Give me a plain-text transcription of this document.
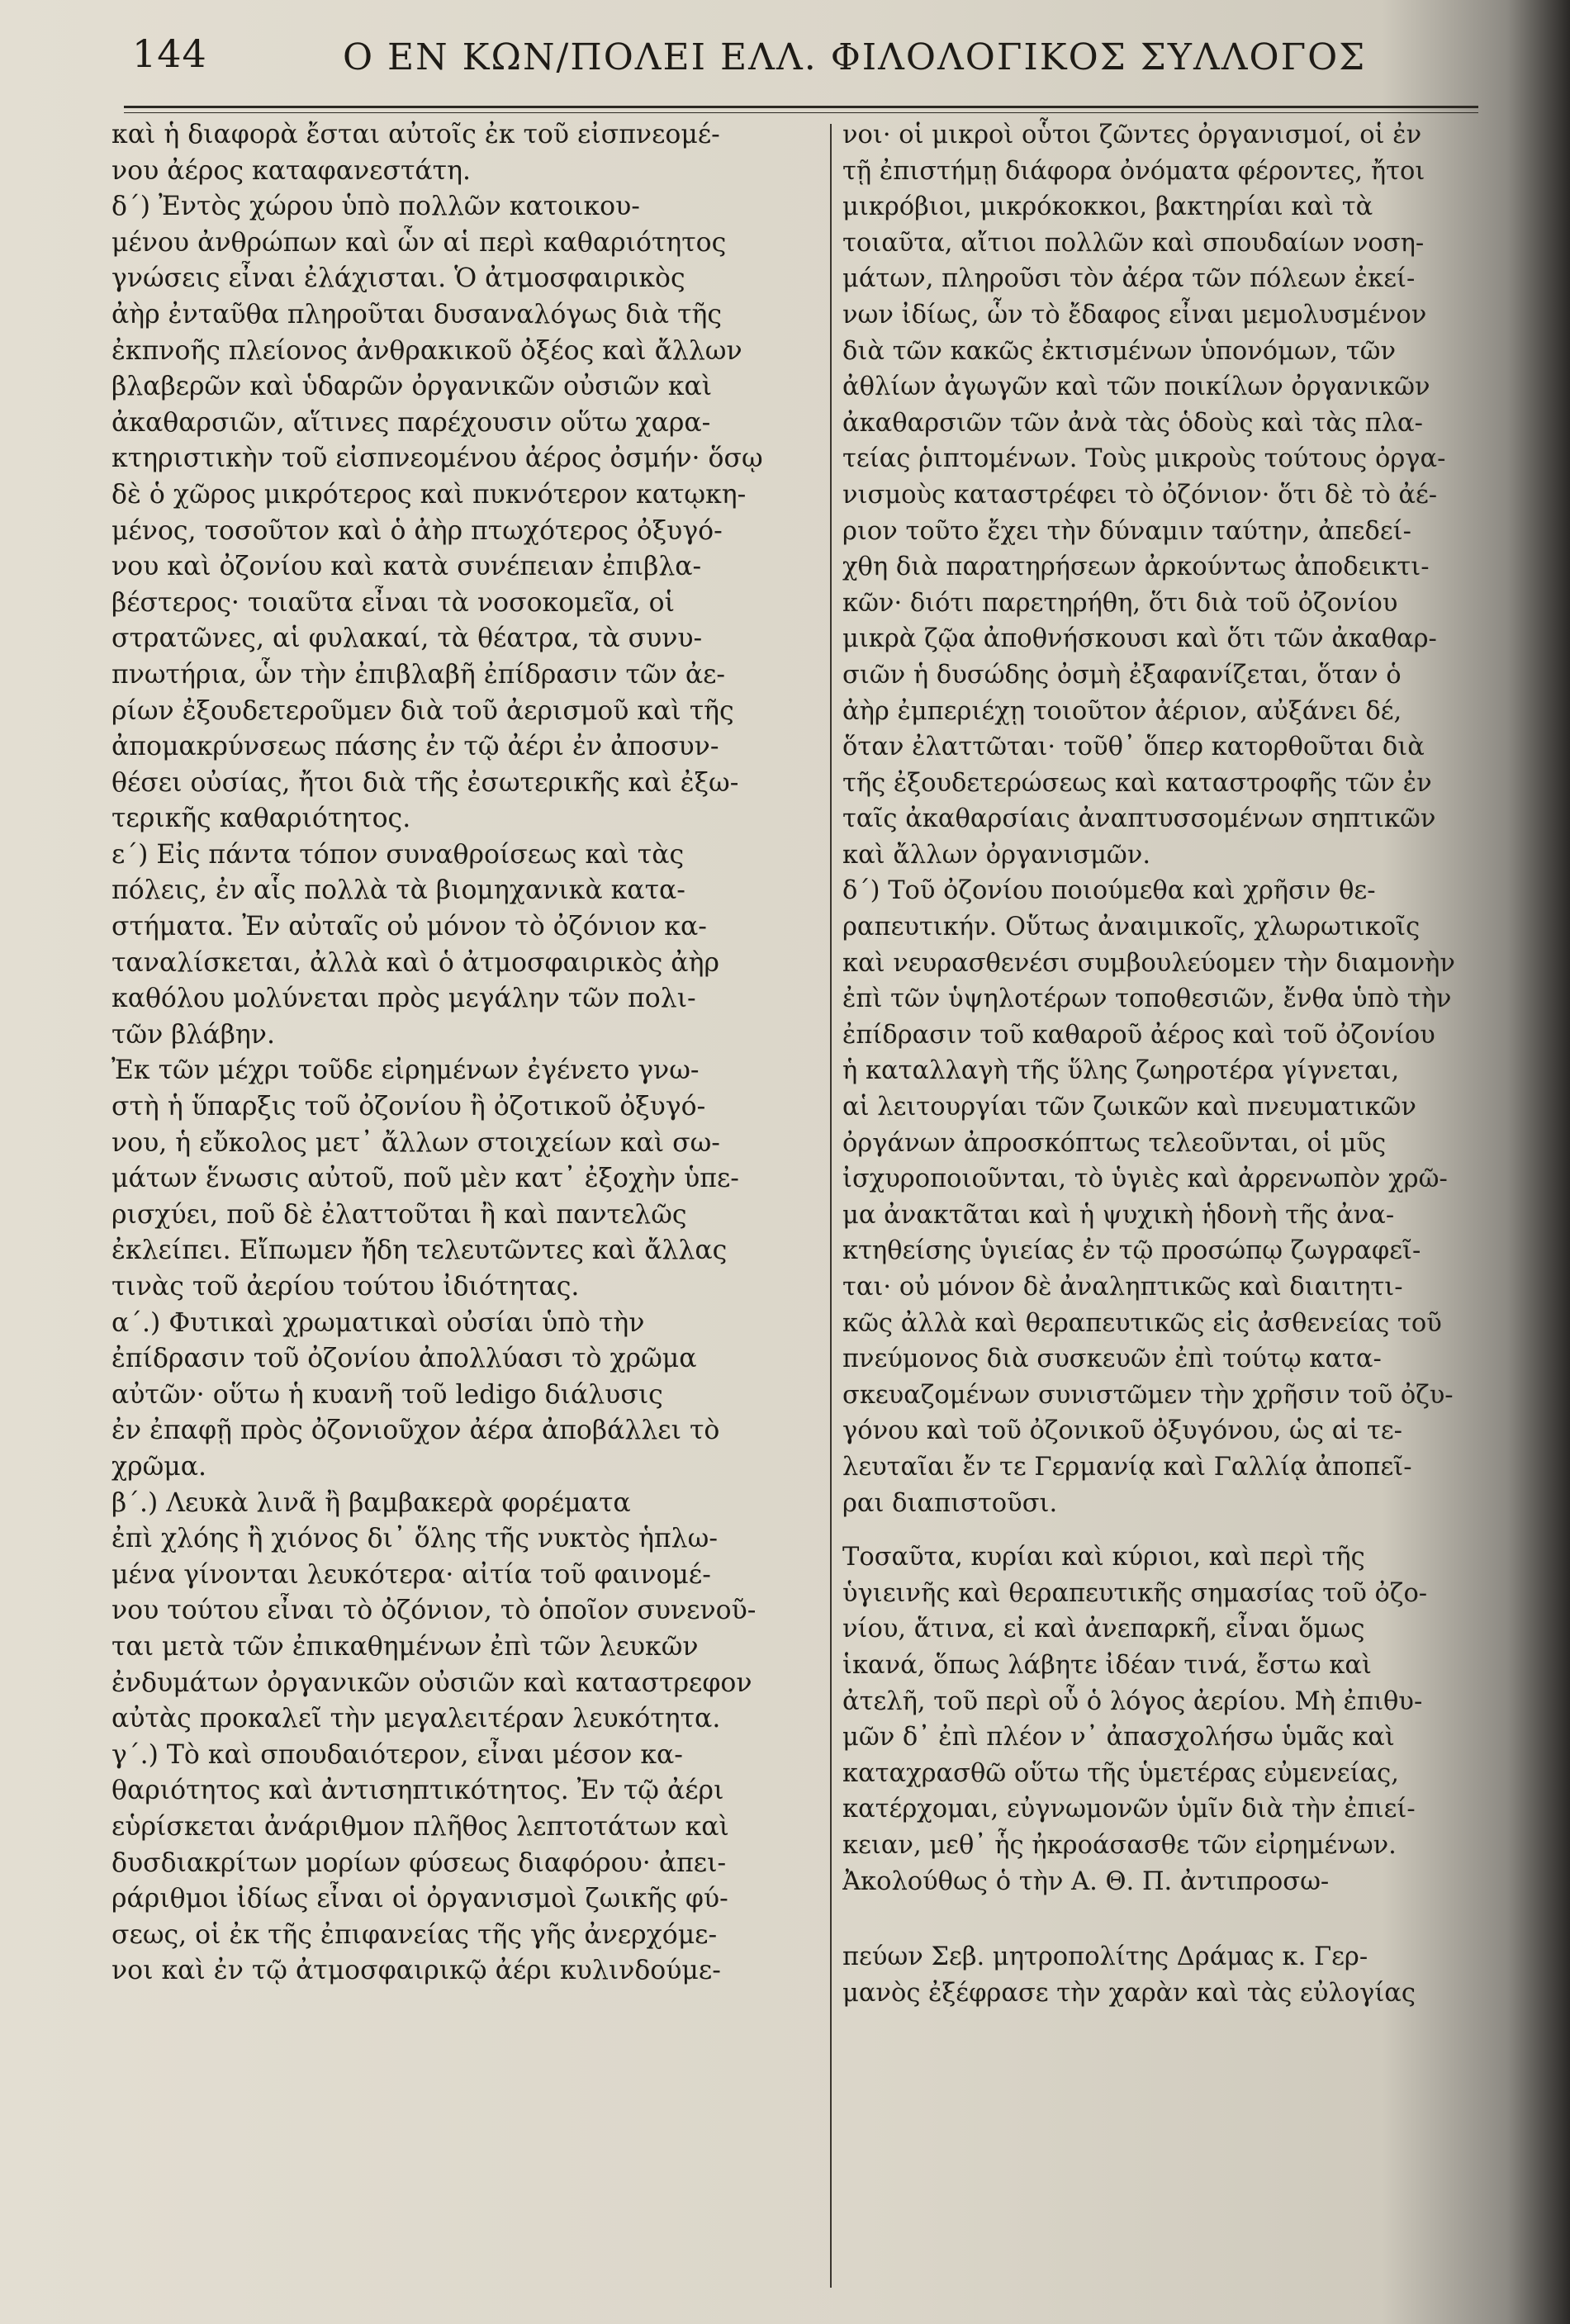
144	Ο ΕΝ ΚΩΝ/ΠΟΛΕΙ ΕΛΛ. ΦΙΛΟΛΟΓΙΚΟΣ ΣΥΛΛΟΓΟΣ
καὶ ἡ διαφορὰ ἔσται αὐτοῖς ἐκ τοῦ εἰσπνεομέ-
νου ἀέρος καταφανεστάτη.
δ΄) Ἐντὸς χώρου ὑπὸ πολλῶν κατοικου-
μένου ἀνθρώπων καὶ ὧν αἱ περὶ καθαριότητος
γνώσεις εἶναι ἐλάχισται. Ὁ ἀτμοσφαιρικὸς
ἀὴρ ἐνταῦθα πληροῦται δυσαναλόγως διὰ τῆς
ἐκπνοῆς πλείονος ἀνθρακικοῦ ὀξέος καὶ ἄλλων
βλαβερῶν καὶ ὑδαρῶν ὀργανικῶν οὐσιῶν καὶ
ἀκαθαρσιῶν, αἵτινες παρέχουσιν οὕτω χαρα-
κτηριστικὴν τοῦ εἰσπνεομένου ἀέρος ὀσμήν· ὅσῳ
δὲ ὁ χῶρος μικρότερος καὶ πυκνότερον κατῳκη-
μένος, τοσοῦτον καὶ ὁ ἀὴρ πτωχότερος ὀξυγό-
νου καὶ ὀζονίου καὶ κατὰ συνέπειαν ἐπιβλα-
βέστερος· τοιαῦτα εἶναι τὰ νοσοκομεῖα, οἱ
στρατῶνες, αἱ φυλακαί, τὰ θέατρα, τὰ συνυ-
πνωτήρια, ὧν τὴν ἐπιβλαβῆ ἐπίδρασιν τῶν ἀε-
ρίων ἐξουδετεροῦμεν διὰ τοῦ ἀερισμοῦ καὶ τῆς
ἀπομακρύνσεως πάσης ἐν τῷ ἀέρι ἐν ἀποσυν-
θέσει οὐσίας, ἤτοι διὰ τῆς ἐσωτερικῆς καὶ ἐξω-
τερικῆς καθαριότητος.
ε΄) Εἰς πάντα τόπον συναθροίσεως καὶ τὰς
πόλεις, ἐν αἷς πολλὰ τὰ βιομηχανικὰ κατα-
στήματα. Ἐν αὐταῖς οὐ μόνον τὸ ὀζόνιον κα-
ταναλίσκεται, ἀλλὰ καὶ ὁ ἀτμοσφαιρικὸς ἀὴρ
καθόλου μολύνεται πρὸς μεγάλην τῶν πολι-
τῶν βλάβην.
Ἐκ τῶν μέχρι τοῦδε εἰρημένων ἐγένετο γνω-
στὴ ἡ ὕπαρξις τοῦ ὀζονίου ἢ ὀζοτικοῦ ὀξυγό-
νου, ἡ εὔκολος μετ᾽ ἄλλων στοιχείων καὶ σω-
μάτων ἕνωσις αὐτοῦ, ποῦ μὲν κατ᾽ ἐξοχὴν ὑπε-
ρισχύει, ποῦ δὲ ἐλαττοῦται ἢ καὶ παντελῶς
ἐκλείπει. Εἴπωμεν ἤδη τελευτῶντες καὶ ἄλλας
τινὰς τοῦ ἀερίου τούτου ἰδιότητας.
α΄.) Φυτικαὶ χρωματικαὶ οὐσίαι ὑπὸ τὴν
ἐπίδρασιν τοῦ ὀζονίου ἀπολλύασι τὸ χρῶμα
αὐτῶν· οὕτω ἡ κυανῆ τοῦ ledigo διάλυσις
ἐν ἐπαφῇ πρὸς ὀζονιοῦχον ἀέρα ἀποβάλλει τὸ
χρῶμα.
β΄.) Λευκὰ λινᾶ ἢ βαμβακερὰ φορέματα
ἐπὶ χλόης ἢ χιόνος δι᾽ ὅλης τῆς νυκτὸς ἡπλω-
μένα γίνονται λευκότερα· αἰτία τοῦ φαινομέ-
νου τούτου εἶναι τὸ ὀζόνιον, τὸ ὁποῖον συνενοῦ-
ται μετὰ τῶν ἐπικαθημένων ἐπὶ τῶν λευκῶν
ἐνδυμάτων ὀργανικῶν οὐσιῶν καὶ καταστρεφον
αὐτὰς προκαλεῖ τὴν μεγαλειτέραν λευκότητα.
γ΄.) Τὸ καὶ σπουδαιότερον, εἶναι μέσον κα-
θαριότητος καὶ ἀντισηπτικότητος. Ἐν τῷ ἀέρι
εὑρίσκεται ἀνάριθμον πλῆθος λεπτοτάτων καὶ
δυσδιακρίτων μορίων φύσεως διαφόρου· ἀπει-
ράριθμοι ἰδίως εἶναι οἱ ὀργανισμοὶ ζωικῆς φύ-
σεως, οἱ ἐκ τῆς ἐπιφανείας τῆς γῆς ἀνερχόμε-
νοι καὶ ἐν τῷ ἀτμοσφαιρικῷ ἀέρι κυλινδούμε-
νοι· οἱ μικροὶ οὗτοι ζῶντες ὀργανισμοί, οἱ ἐν
τῇ ἐπιστήμῃ διάφορα ὀνόματα φέροντες, ἤτοι
μικρόβιοι, μικρόκοκκοι, βακτηρίαι καὶ τὰ
τοιαῦτα, αἴτιοι πολλῶν καὶ σπουδαίων νοση-
μάτων, πληροῦσι τὸν ἀέρα τῶν πόλεων ἐκεί-
νων ἰδίως, ὧν τὸ ἔδαφος εἶναι μεμολυσμένον
διὰ τῶν κακῶς ἐκτισμένων ὑπονόμων, τῶν
ἀθλίων ἀγωγῶν καὶ τῶν ποικίλων ὀργανικῶν
ἀκαθαρσιῶν τῶν ἀνὰ τὰς ὁδοὺς καὶ τὰς πλα-
τείας ῥιπτομένων. Τοὺς μικροὺς τούτους ὀργα-
νισμοὺς καταστρέφει τὸ ὀζόνιον· ὅτι δὲ τὸ ἀέ-
ριον τοῦτο ἔχει τὴν δύναμιν ταύτην, ἀπεδεί-
χθη διὰ παρατηρήσεων ἀρκούντως ἀποδεικτι-
κῶν· διότι παρετηρήθη, ὅτι διὰ τοῦ ὀζονίου
μικρὰ ζῷα ἀποθνήσκουσι καὶ ὅτι τῶν ἀκαθαρ-
σιῶν ἡ δυσώδης ὀσμὴ ἐξαφανίζεται, ὅταν ὁ
ἀὴρ ἐμπεριέχῃ τοιοῦτον ἀέριον, αὐξάνει δέ,
ὅταν ἐλαττῶται· τοῦθ᾽ ὅπερ κατορθοῦται διὰ
τῆς ἐξουδετερώσεως καὶ καταστροφῆς τῶν ἐν
ταῖς ἀκαθαρσίαις ἀναπτυσσομένων σηπτικῶν
καὶ ἄλλων ὀργανισμῶν.
δ΄) Τοῦ ὀζονίου ποιούμεθα καὶ χρῆσιν θε-
ραπευτικήν. Οὕτως ἀναιμικοῖς, χλωρωτικοῖς
καὶ νευρασθενέσι συμβουλεύομεν τὴν διαμονὴν
ἐπὶ τῶν ὑψηλοτέρων τοποθεσιῶν, ἔνθα ὑπὸ τὴν
ἐπίδρασιν τοῦ καθαροῦ ἀέρος καὶ τοῦ ὀζονίου
ἡ καταλλαγὴ τῆς ὕλης ζωηροτέρα γίγνεται,
αἱ λειτουργίαι τῶν ζωικῶν καὶ πνευματικῶν
ὀργάνων ἀπροσκόπτως τελεοῦνται, οἱ μῦς
ἰσχυροποιοῦνται, τὸ ὑγιὲς καὶ ἀρρενωπὸν χρῶ-
μα ἀνακτᾶται καὶ ἡ ψυχικὴ ἡδονὴ τῆς ἀνα-
κτηθείσης ὑγιείας ἐν τῷ προσώπῳ ζωγραφεῖ-
ται· οὐ μόνον δὲ ἀναληπτικῶς καὶ διαιτητι-
κῶς ἀλλὰ καὶ θεραπευτικῶς εἰς ἀσθενείας τοῦ
πνεύμονος διὰ συσκευῶν ἐπὶ τούτῳ κατα-
σκευαζομένων συνιστῶμεν τὴν χρῆσιν τοῦ ὀζυ-
γόνου καὶ τοῦ ὀζονικοῦ ὀξυγόνου, ὡς αἱ τε-
λευταῖαι ἔν τε Γερμανίᾳ καὶ Γαλλίᾳ ἀποπεῖ-
ραι διαπιστοῦσι.
Τοσαῦτα, κυρίαι καὶ κύριοι, καὶ περὶ τῆς
ὑγιεινῆς καὶ θεραπευτικῆς σημασίας τοῦ ὀζο-
νίου, ἅτινα, εἰ καὶ ἀνεπαρκῆ, εἶναι ὅμως
ἱκανά, ὅπως λάβητε ἰδέαν τινά, ἔστω καὶ
ἀτελῆ, τοῦ περὶ οὗ ὁ λόγος ἀερίου. Μὴ ἐπιθυ-
μῶν δ᾽ ἐπὶ πλέον ν᾽ ἀπασχολήσω ὑμᾶς καὶ
καταχρασθῶ οὕτω τῆς ὑμετέρας εὐμενείας,
κατέρχομαι, εὐγνωμονῶν ὑμῖν διὰ τὴν ἐπιεί-
κειαν, μεθ᾽ ἧς ἠκροάσασθε τῶν εἰρημένων.
Ἀκολούθως ὁ τὴν Α. Θ. Π. ἀντιπροσω-
πεύων Σεβ. μητροπολίτης Δράμας κ. Γερ-
μανὸς ἐξέφρασε τὴν χαρὰν καὶ τὰς εὐλογίας
